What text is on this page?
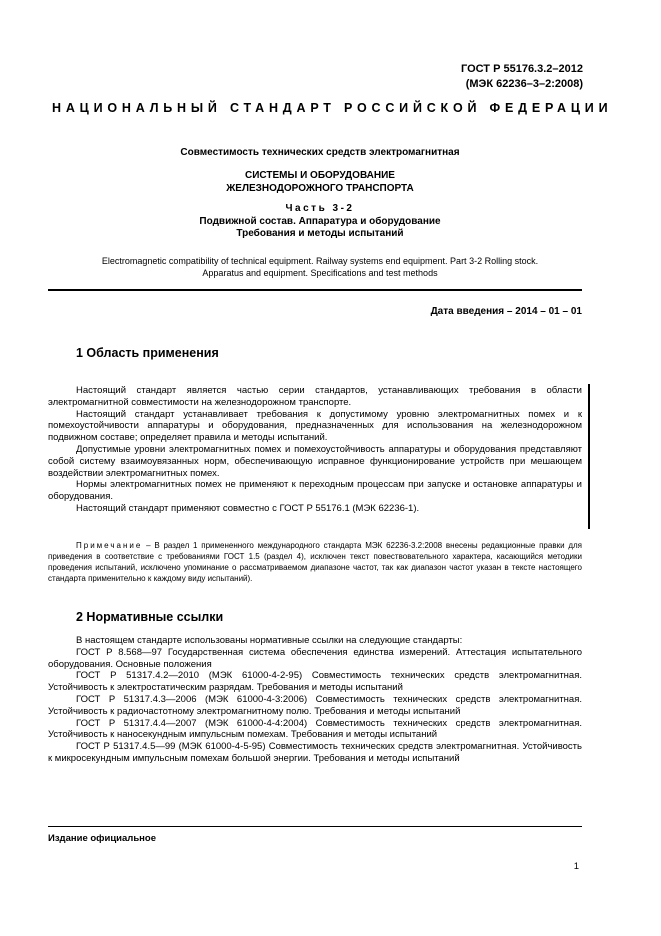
ГОСТ Р 55176.3.2–2012
(МЭК 62236–3–2:2008)
НАЦИОНАЛЬНЫЙ СТАНДАРТ РОССИЙСКОЙ ФЕДЕРАЦИИ
Совместимость технических средств электромагнитная
СИСТЕМЫ И ОБОРУДОВАНИЕ
ЖЕЛЕЗНОДОРОЖНОГО ТРАНСПОРТА
Часть 3-2
Подвижной состав. Аппаратура и оборудование
Требования и методы испытаний
Electromagnetic compatibility of technical equipment. Railway systems end equipment. Part 3-2 Rolling stock.
Apparatus and equipment. Specifications and test methods
Дата введения – 2014 – 01 – 01
1 Область применения

Настоящий стандарт является частью серии стандартов, устанавливающих требования в области электромагнитной совместимости на железнодорожном транспорте.

Настоящий стандарт устанавливает требования к допустимому уровню электромагнитных помех и к помехоустойчивости аппаратуры и оборудования, предназначенных для использования на железнодорожном подвижном составе; определяет правила и методы испытаний.

Допустимые уровни электромагнитных помех и помехоустойчивость аппаратуры и оборудования представляют собой систему взаимоувязанных норм, обеспечивающую исправное функционирование устройств при мешающем воздействии электромагнитных помех.

Нормы электромагнитных помех не применяют к переходным процессам при запуске и остановке аппаратуры и оборудования.

Настоящий стандарт применяют совместно с ГОСТ Р 55176.1 (МЭК 62236-1).

Примечание – В раздел 1 примененного международного стандарта МЭК 62236-3.2:2008 внесены редакционные правки для приведения в соответствие с требованиями ГОСТ 1.5 (раздел 4), исключен текст повествовательного характера, касающийся методики проведения испытаний, исключено упоминание о рассматриваемом диапазоне частот, так как диапазон частот указан в тексте настоящего стандарта применительно к каждому виду испытаний).

2 Нормативные ссылки

В настоящем стандарте использованы нормативные ссылки на следующие стандарты:

ГОСТ Р 8.568—97 Государственная система обеспечения единства измерений. Аттестация испытательного оборудования. Основные положения

ГОСТ Р 51317.4.2—2010 (МЭК 61000-4-2-95) Совместимость технических средств электромагнитная. Устойчивость к электростатическим разрядам. Требования и методы испытаний

ГОСТ Р 51317.4.3—2006 (МЭК 61000-4-3:2006) Совместимость технических средств электромагнитная. Устойчивость к радиочастотному электромагнитному полю. Требования и методы испытаний

ГОСТ Р 51317.4.4—2007 (МЭК 61000-4-4:2004) Совместимость технических средств электромагнитная. Устойчивость к наносекундным импульсным помехам. Требования и методы испытаний

ГОСТ Р 51317.4.5—99 (МЭК 61000-4-5-95) Совместимость технических средств электромагнитная. Устойчивость к микросекундным импульсным помехам большой энергии. Требования и методы испытаний

Издание официальное
1
